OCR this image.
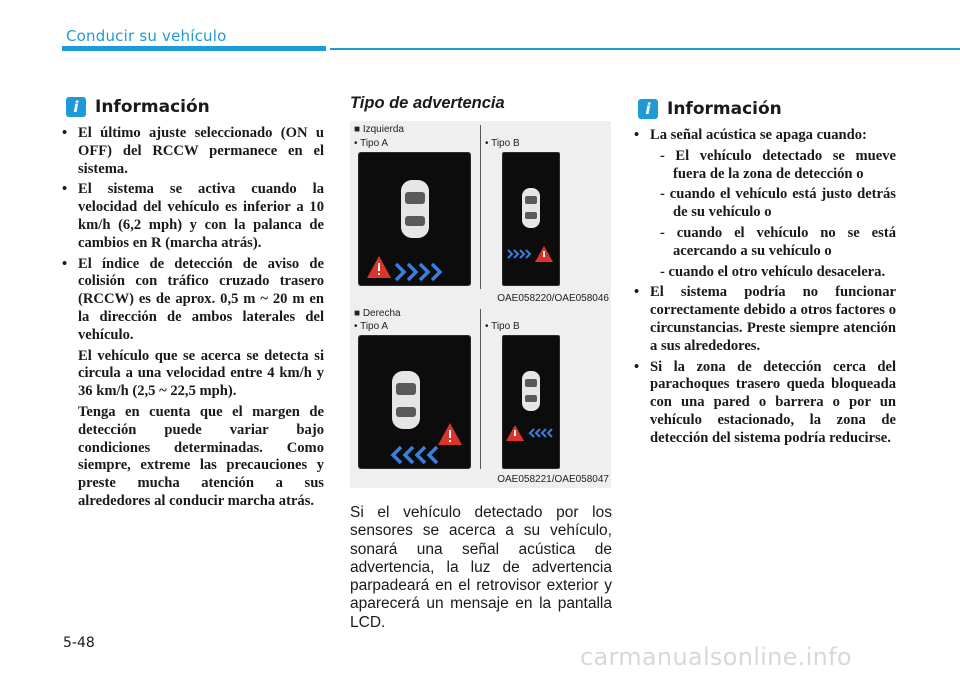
Conducir su vehículo
i Información

• El último ajuste seleccionado (ON u OFF) del RCCW permanece en el sistema.

• El sistema se activa cuando la velocidad del vehículo es inferior a 10 km/h (6,2 mph) y con la palanca de cambios en R (marcha atrás).

• El índice de detección de aviso de colisión con tráfico cruzado trasero (RCCW) es de aprox. 0,5 m ~ 20 m en la dirección de ambos laterales del vehículo.

El vehículo que se acerca se detecta si circula a una velocidad entre 4 km/h y 36 km/h (2,5 ~ 22,5 mph).

Tenga en cuenta que el margen de detección puede variar bajo condiciones determinadas. Como siempre, extreme las precauciones y preste mucha atención a sus alrededores al conducir marcha atrás.

Tipo de advertencia
■ Izquierda
• Tipo A	• Tipo B
OAE058220/OAE058046
■ Derecha
• Tipo A	• Tipo B
OAE058221/OAE058047
Si el vehículo detectado por los sensores se acerca a su vehículo, sonará una señal acústica de advertencia, la luz de advertencia parpadeará en el retrovisor exterior y aparecerá un mensaje en la pantalla LCD.
i Información

• La señal acústica se apaga cuando:

- El vehículo detectado se mueve fuera de la zona de detección o

- cuando el vehículo está justo detrás de su vehículo o

- cuando el vehículo no se está acercando a su vehículo o

- cuando el otro vehículo desacelera.

• El sistema podría no funcionar correctamente debido a otros factores o circunstancias. Preste siempre atención a sus alrededores.

• Si la zona de detección cerca del parachoques trasero queda bloqueada con una pared o barrera o por un vehículo estacionado, la zona de detección del sistema podría reducirse.

5-48	carmanualsonline.info
